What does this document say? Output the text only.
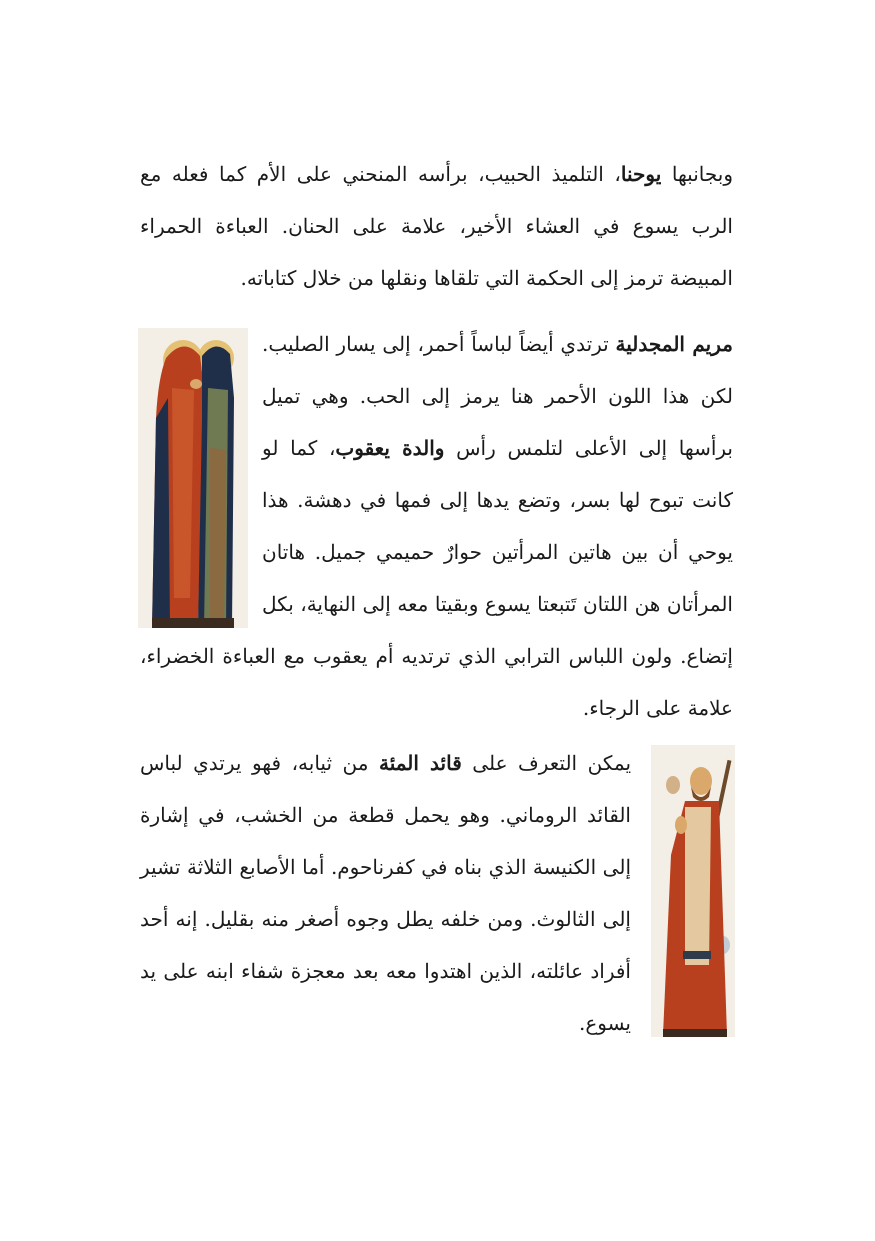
وبجانبها يوحنا، التلميذ الحبيب، برأسه المنحني على الأم كما فعله مع الرب يسوع في العشاء الأخير، علامة على الحنان. العباءة الحمراء المبيضة ترمز إلى الحكمة التي تلقاها ونقلها من خلال كتاباته.

مريم المجدلية ترتدي أيضاً لباساً أحمر، إلى يسار الصليب. لكن هذا اللون الأحمر هنا يرمز إلى الحب. وهي تميل برأسها إلى الأعلى لتلمس رأس والدة يعقوب، كما لو كانت تبوح لها بسر، وتضع يدها إلى فمها في دهشة. هذا يوحي أن بين هاتين المرأتين حوارٌ حميمي جميل. هاتان المرأتان هن اللتان تَتبعتا يسوع وبقيتا معه إلى النهاية، بكل إتضاع. ولون اللباس الترابي الذي ترتديه أم يعقوب مع العباءة الخضراء، علامة على الرجاء.

يمكن التعرف على قائد المئة من ثيابه، فهو يرتدي لباس القائد الروماني. وهو يحمل قطعة من الخشب، في إشارة إلى الكنيسة الذي بناه في كفرناحوم. أما الأصابع الثلاثة تشير إلى الثالوث. ومن خلفه يطل وجوه أصغر منه بقليل. إنه أحد أفراد عائلته، الذين اهتدوا معه بعد معجزة شفاء ابنه على يد يسوع.
